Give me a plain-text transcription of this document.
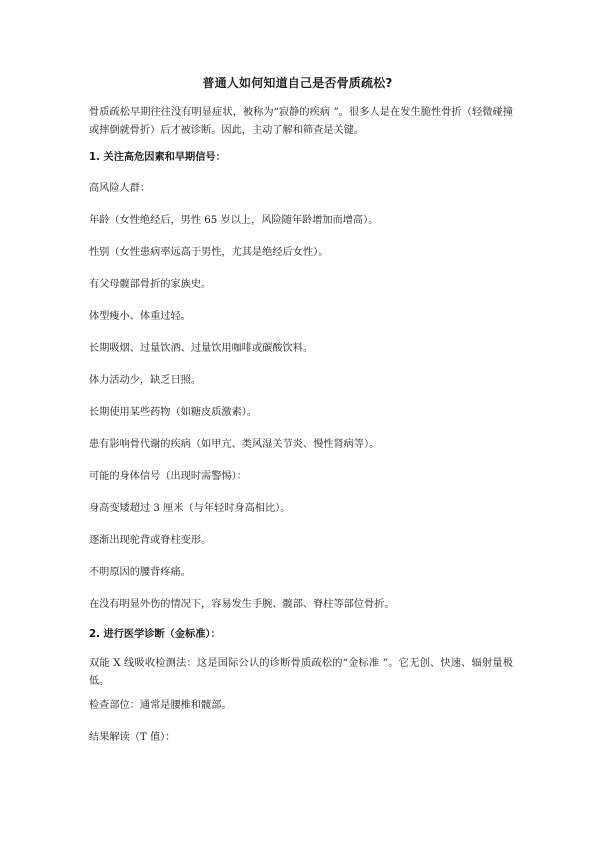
普通人如何知道自己是否骨质疏松?
骨质疏松早期往往没有明显症状，被称为“寂静的疾病 ”。很多人是在发生脆性骨折（轻微碰撞或摔倒就骨折）后才被诊断。因此，主动了解和筛查是关键。
1. 关注高危因素和早期信号：
高风险人群：
年龄（女性绝经后，男性 65 岁以上，风险随年龄增加而增高）。
性别（女性患病率远高于男性，尤其是绝经后女性）。
有父母髋部骨折的家族史。
体型瘦小、体重过轻。
长期吸烟、过量饮酒、过量饮用咖啡或碳酸饮料。
体力活动少，缺乏日照。
长期使用某些药物（如糖皮质激素）。
患有影响骨代谢的疾病（如甲亢、类风湿关节炎、慢性肾病等）。
可能的身体信号（出现时需警惕）：
身高变矮超过 3 厘米（与年轻时身高相比）。
逐渐出现驼背或脊柱变形。
不明原因的腰背疼痛。
在没有明显外伤的情况下，容易发生手腕、髋部、脊柱等部位骨折。
2. 进行医学诊断（金标准）：
双能 X 线吸收检测法：这是国际公认的诊断骨质疏松的“金标准 ”。它无创、快速、辐射量极低。
检查部位：通常是腰椎和髋部。
结果解读（T 值）：
